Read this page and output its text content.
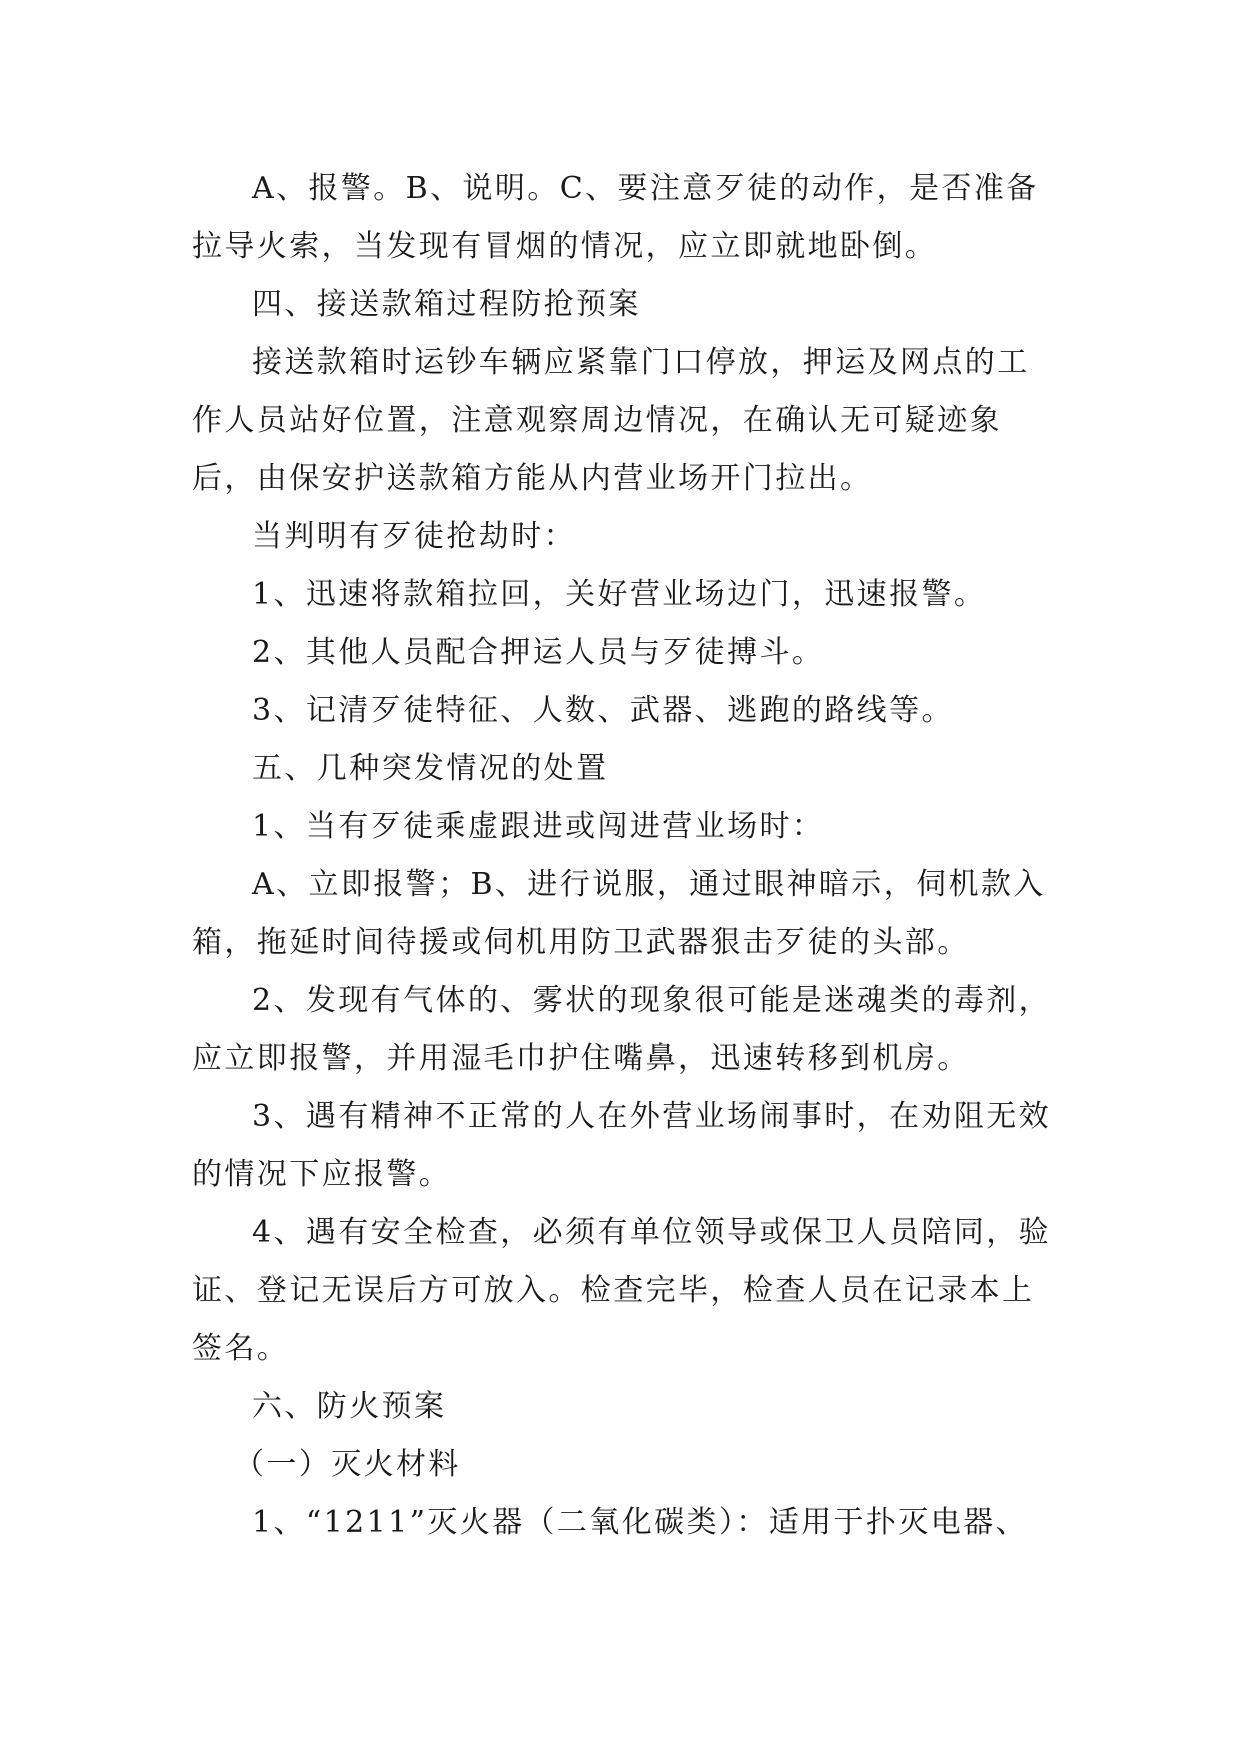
A、报警。B、说明。C、要注意歹徒的动作，是否准备拉导火索，当发现有冒烟的情况，应立即就地卧倒。

四、接送款箱过程防抢预案

接送款箱时运钞车辆应紧靠门口停放，押运及网点的工作人员站好位置，注意观察周边情况，在确认无可疑迹象后，由保安护送款箱方能从内营业场开门拉出。

当判明有歹徒抢劫时：

1、迅速将款箱拉回，关好营业场边门，迅速报警。

2、其他人员配合押运人员与歹徒搏斗。

3、记清歹徒特征、人数、武器、逃跑的路线等。

五、几种突发情况的处置

1、当有歹徒乘虚跟进或闯进营业场时：

A、立即报警；B、进行说服，通过眼神暗示，伺机款入箱，拖延时间待援或伺机用防卫武器狠击歹徒的头部。

2、发现有气体的、雾状的现象很可能是迷魂类的毒剂，应立即报警，并用湿毛巾护住嘴鼻，迅速转移到机房。

3、遇有精神不正常的人在外营业场闹事时，在劝阻无效的情况下应报警。

4、遇有安全检查，必须有单位领导或保卫人员陪同，验证、登记无误后方可放入。检查完毕，检查人员在记录本上签名。

六、防火预案

（一）灭火材料

1、“1211”灭火器（二氧化碳类）：适用于扑灭电器、
